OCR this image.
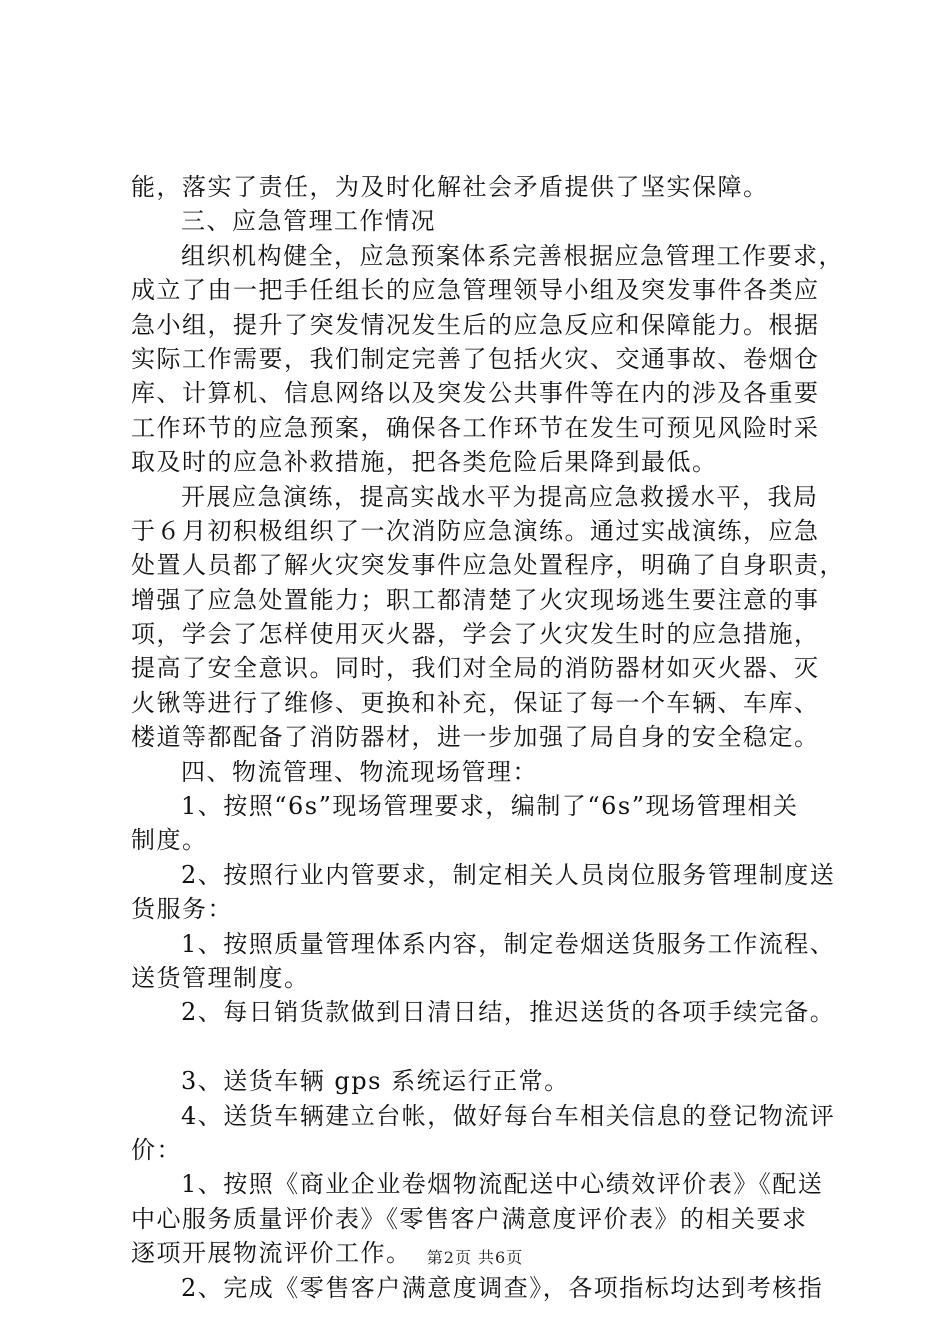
能，落实了责任，为及时化解社会矛盾提供了坚实保障。
三、应急管理工作情况
组织机构健全，应急预案体系完善根据应急管理工作要求，
成立了由一把手任组长的应急管理领导小组及突发事件各类应
急小组，提升了突发情况发生后的应急反应和保障能力。根据
实际工作需要，我们制定完善了包括火灾、交通事故、卷烟仓
库、计算机、信息网络以及突发公共事件等在内的涉及各重要
工作环节的应急预案，确保各工作环节在发生可预见风险时采
取及时的应急补救措施，把各类危险后果降到最低。
开展应急演练，提高实战水平为提高应急救援水平，我局
于６月初积极组织了一次消防应急演练。通过实战演练，应急
处置人员都了解火灾突发事件应急处置程序，明确了自身职责，
增强了应急处置能力；职工都清楚了火灾现场逃生要注意的事
项，学会了怎样使用灭火器，学会了火灾发生时的应急措施，
提高了安全意识。同时，我们对全局的消防器材如灭火器、灭
火锹等进行了维修、更换和补充，保证了每一个车辆、车库、
楼道等都配备了消防器材，进一步加强了局自身的安全稳定。
四、物流管理、物流现场管理：
1、按照“6s”现场管理要求，编制了“6s”现场管理相关
制度。
2、按照行业内管要求，制定相关人员岗位服务管理制度送
货服务：
1、按照质量管理体系内容，制定卷烟送货服务工作流程、
送货管理制度。
2、每日销货款做到日清日结，推迟送货的各项手续完备。
3、送货车辆 gps 系统运行正常。
4、送货车辆建立台帐，做好每台车相关信息的登记物流评
价：
1、按照《商业企业卷烟物流配送中心绩效评价表》《配送
中心服务质量评价表》《零售客户满意度评价表》的相关要求
逐项开展物流评价工作。
2、完成《零售客户满意度调查》，各项指标均达到考核指
第2页 共6页
